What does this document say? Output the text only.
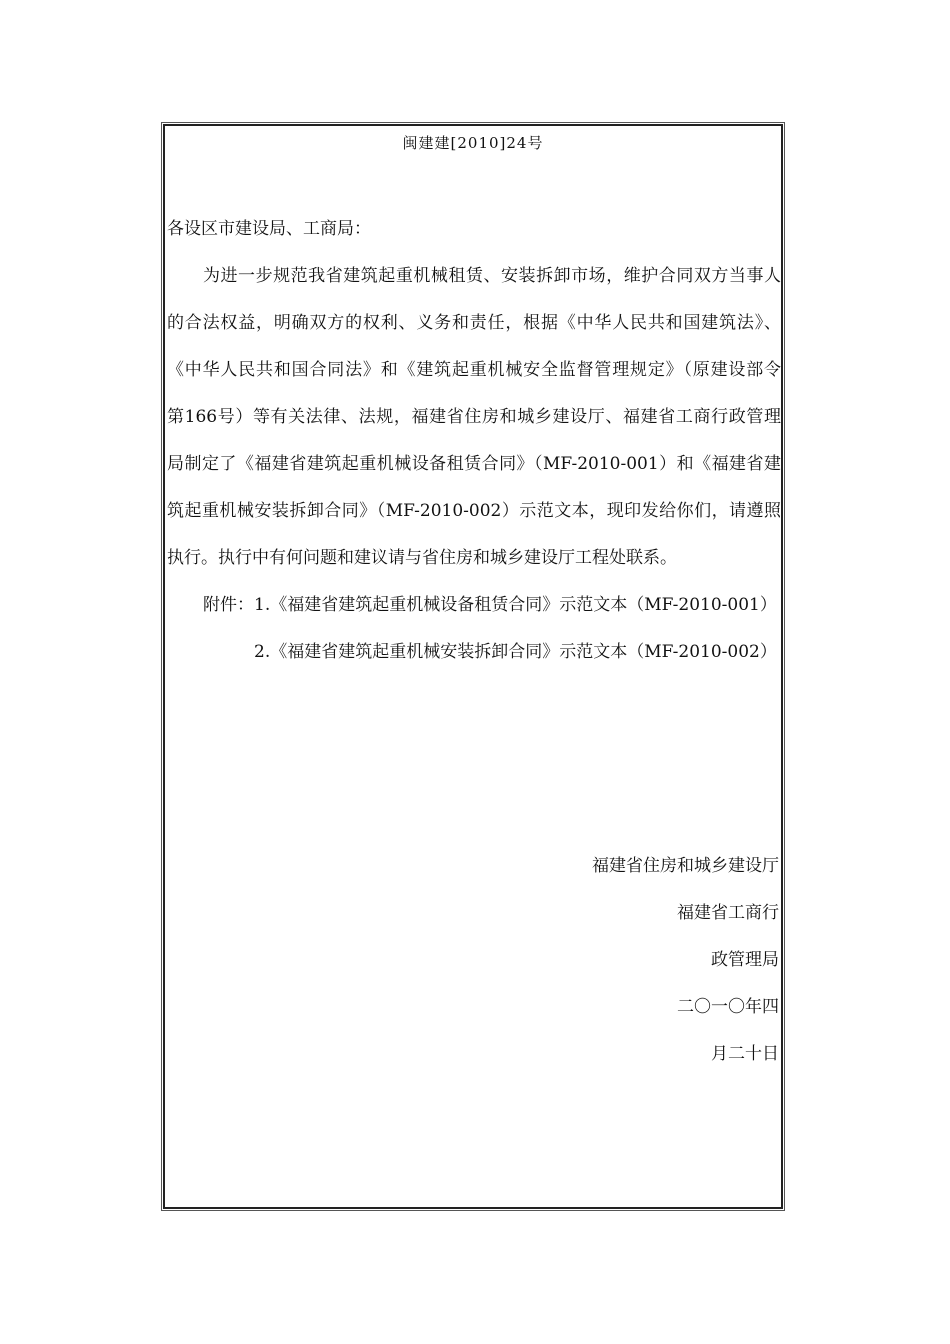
闽建建[2010]24号
各设区市建设局、工商局：
为进一步规范我省建筑起重机械租赁、安装拆卸市场，维护合同双方当事人
的合法权益，明确双方的权利、义务和责任，根据《中华人民共和国建筑法》、
《中华人民共和国合同法》和《建筑起重机械安全监督管理规定》（原建设部令
第166号）等有关法律、法规，福建省住房和城乡建设厅、福建省工商行政管理
局制定了《福建省建筑起重机械设备租赁合同》（MF-2010-001）和《福建省建
筑起重机械安装拆卸合同》（MF-2010-002）示范文本，现印发给你们，请遵照
执行。执行中有何问题和建议请与省住房和城乡建设厅工程处联系。
附件：1.《福建省建筑起重机械设备租赁合同》示范文本（MF-2010-001）
2.《福建省建筑起重机械安装拆卸合同》示范文本（MF-2010-002）
福建省住房和城乡建设厅
福建省工商行
政管理局
二〇一〇年四
月二十日
